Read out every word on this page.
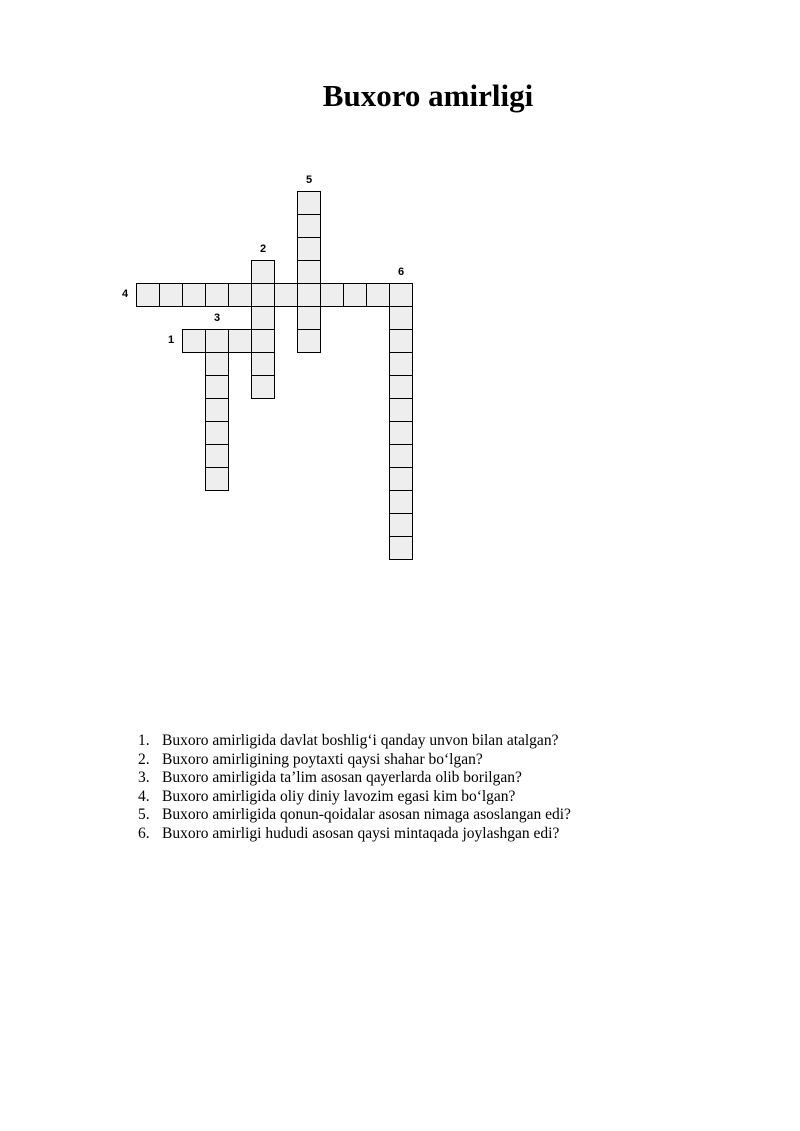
Buxoro amirligi
1
2
3
4
5
6
1. Buxoro amirligida davlat boshlig‘i qanday unvon bilan atalgan?
2. Buxoro amirligining poytaxti qaysi shahar bo‘lgan?
3. Buxoro amirligida ta’lim asosan qayerlarda olib borilgan?
4. Buxoro amirligida oliy diniy lavozim egasi kim bo‘lgan?
5. Buxoro amirligida qonun-qoidalar asosan nimaga asoslangan edi?
6. Buxoro amirligi hududi asosan qaysi mintaqada joylashgan edi?
